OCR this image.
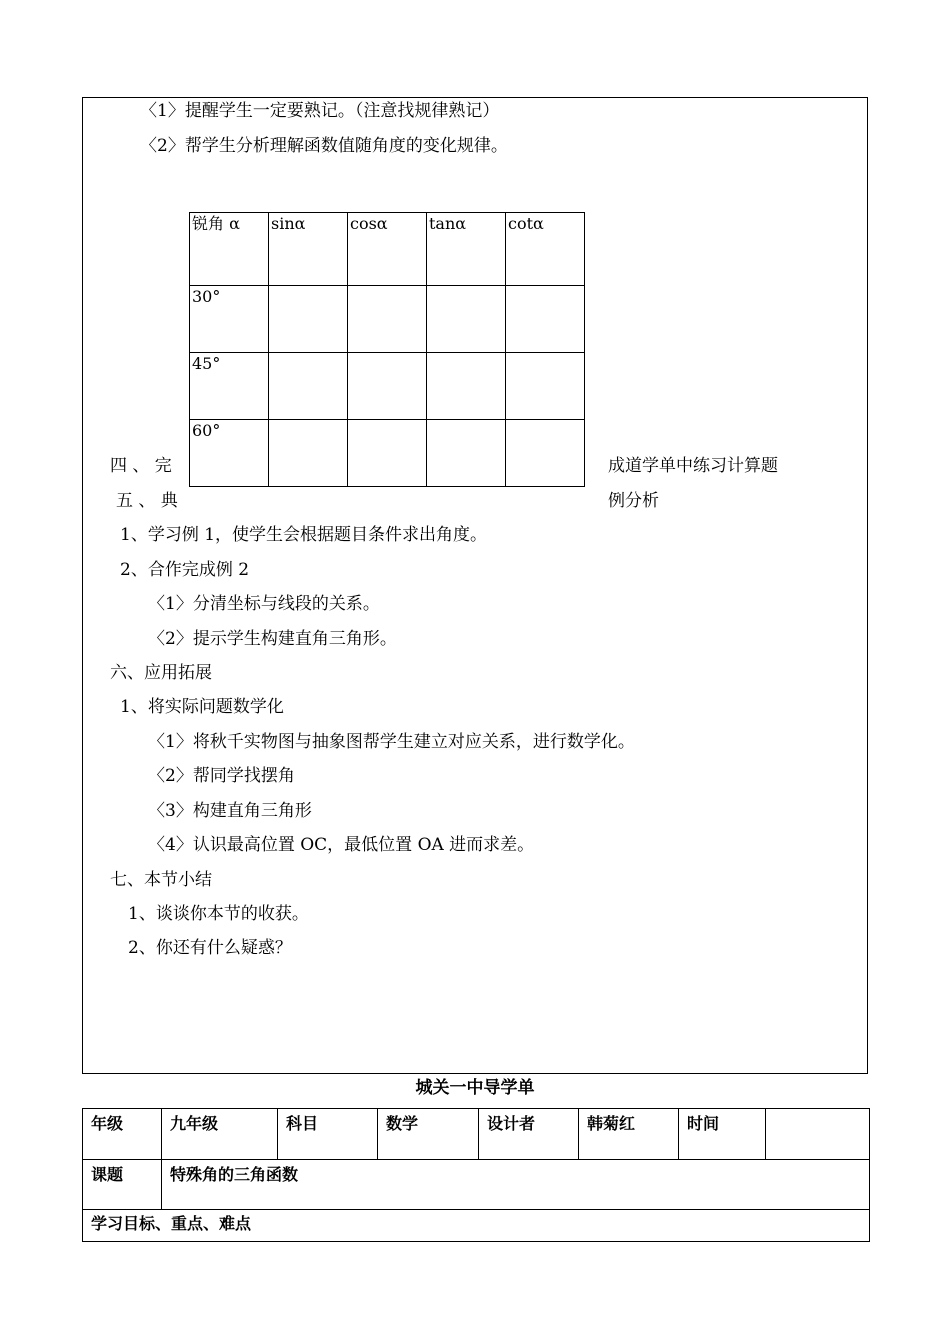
〈1〉提醒学生一定要熟记。（注意找规律熟记）
〈2〉帮学生分析理解函数值随角度的变化规律。
四 、 完	成道学单中练习计算题
五 、 典	例分析
锐角 α	sinα	cosα	tanα	cotα
30°				
45°				
60°				
1、学习例 1，使学生会根据题目条件求出角度。
2、合作完成例 2
〈1〉分清坐标与线段的关系。
〈2〉提示学生构建直角三角形。
六、应用拓展
1、将实际问题数学化
〈1〉将秋千实物图与抽象图帮学生建立对应关系，进行数学化。
〈2〉帮同学找摆角
〈3〉构建直角三角形
〈4〉认识最高位置 OC，最低位置 OA 进而求差。
七、本节小结
1、谈谈你本节的收获。
2、你还有什么疑惑？
城关一中导学单
年级	九年级	科目	数学	设计者	韩菊红	时间	
课题	特殊角的三角函数						
学习目标、重点、难点							
